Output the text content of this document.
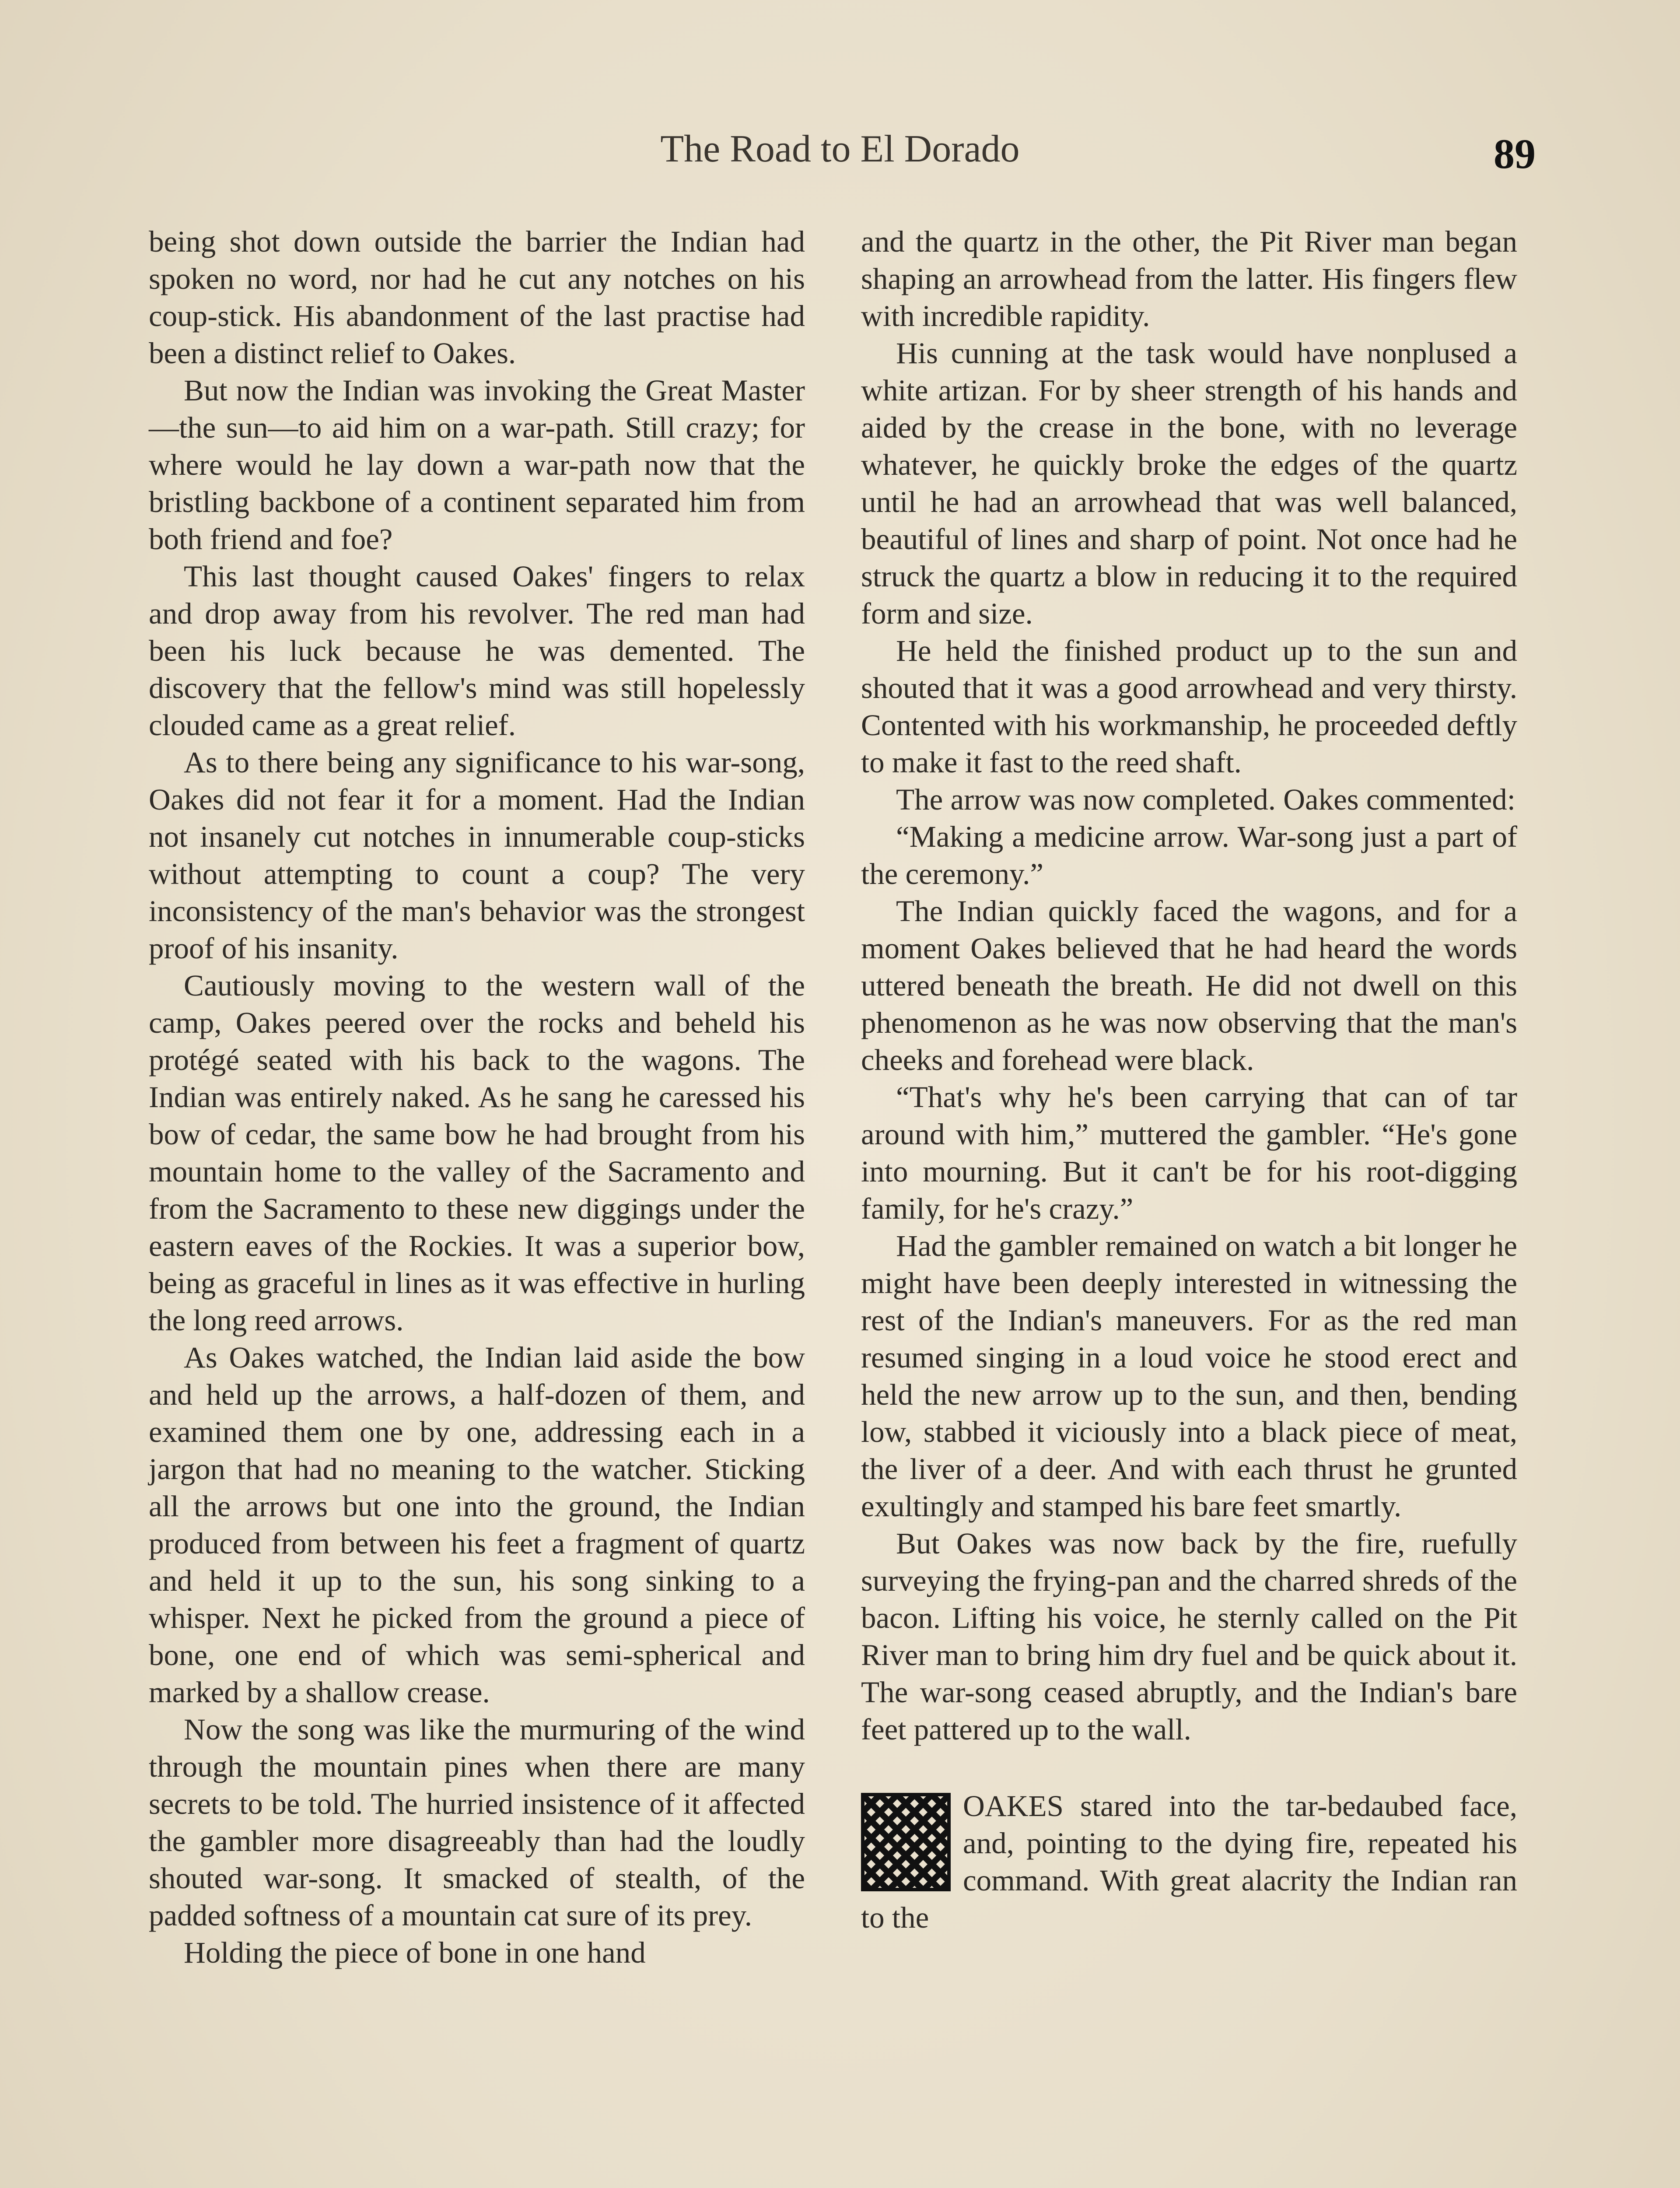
The Road to El Dorado	89

being shot down outside the barrier the Indian had spoken no word, nor had he cut any notches on his coup-stick. His abandonment of the last practise had been a distinct relief to Oakes.

But now the Indian was invoking the Great Master—the sun—to aid him on a war-path. Still crazy; for where would he lay down a war-path now that the bristling backbone of a continent separated him from both friend and foe?

This last thought caused Oakes' fingers to relax and drop away from his revolver. The red man had been his luck because he was demented. The discovery that the fellow's mind was still hopelessly clouded came as a great relief.

As to there being any significance to his war-song, Oakes did not fear it for a moment. Had the Indian not insanely cut notches in innumerable coup-sticks without attempting to count a coup? The very inconsistency of the man's behavior was the strongest proof of his insanity.

Cautiously moving to the western wall of the camp, Oakes peered over the rocks and beheld his protégé seated with his back to the wagons. The Indian was entirely naked. As he sang he caressed his bow of cedar, the same bow he had brought from his mountain home to the valley of the Sacramento and from the Sacramento to these new diggings under the eastern eaves of the Rockies. It was a superior bow, being as graceful in lines as it was effective in hurling the long reed arrows.

As Oakes watched, the Indian laid aside the bow and held up the arrows, a half-dozen of them, and examined them one by one, addressing each in a jargon that had no meaning to the watcher. Sticking all the arrows but one into the ground, the Indian produced from between his feet a fragment of quartz and held it up to the sun, his song sinking to a whisper. Next he picked from the ground a piece of bone, one end of which was semi-spherical and marked by a shallow crease.

Now the song was like the murmuring of the wind through the mountain pines when there are many secrets to be told. The hurried insistence of it affected the gambler more disagreeably than had the loudly shouted war-song. It smacked of stealth, of the padded softness of a mountain cat sure of its prey.

Holding the piece of bone in one hand

and the quartz in the other, the Pit River man began shaping an arrowhead from the latter. His fingers flew with incredible rapidity.

His cunning at the task would have nonplused a white artizan. For by sheer strength of his hands and aided by the crease in the bone, with no leverage whatever, he quickly broke the edges of the quartz until he had an arrowhead that was well balanced, beautiful of lines and sharp of point. Not once had he struck the quartz a blow in reducing it to the required form and size.

He held the finished product up to the sun and shouted that it was a good arrowhead and very thirsty. Contented with his workmanship, he proceeded deftly to make it fast to the reed shaft.

The arrow was now completed. Oakes commented:

“Making a medicine arrow. War-song just a part of the ceremony.”

The Indian quickly faced the wagons, and for a moment Oakes believed that he had heard the words uttered beneath the breath. He did not dwell on this phenomenon as he was now observing that the man's cheeks and forehead were black.

“That's why he's been carrying that can of tar around with him,” muttered the gambler. “He's gone into mourning. But it can't be for his root-digging family, for he's crazy.”

Had the gambler remained on watch a bit longer he might have been deeply interested in witnessing the rest of the Indian's maneuvers. For as the red man resumed singing in a loud voice he stood erect and held the new arrow up to the sun, and then, bending low, stabbed it viciously into a black piece of meat, the liver of a deer. And with each thrust he grunted exultingly and stamped his bare feet smartly.

But Oakes was now back by the fire, ruefully surveying the frying-pan and the charred shreds of the bacon. Lifting his voice, he sternly called on the Pit River man to bring him dry fuel and be quick about it. The war-song ceased abruptly, and the Indian's bare feet pattered up to the wall.

OAKES stared into the tar-bedaubed face, and, pointing to the dying fire, repeated his command. With great alacrity the Indian ran to the
